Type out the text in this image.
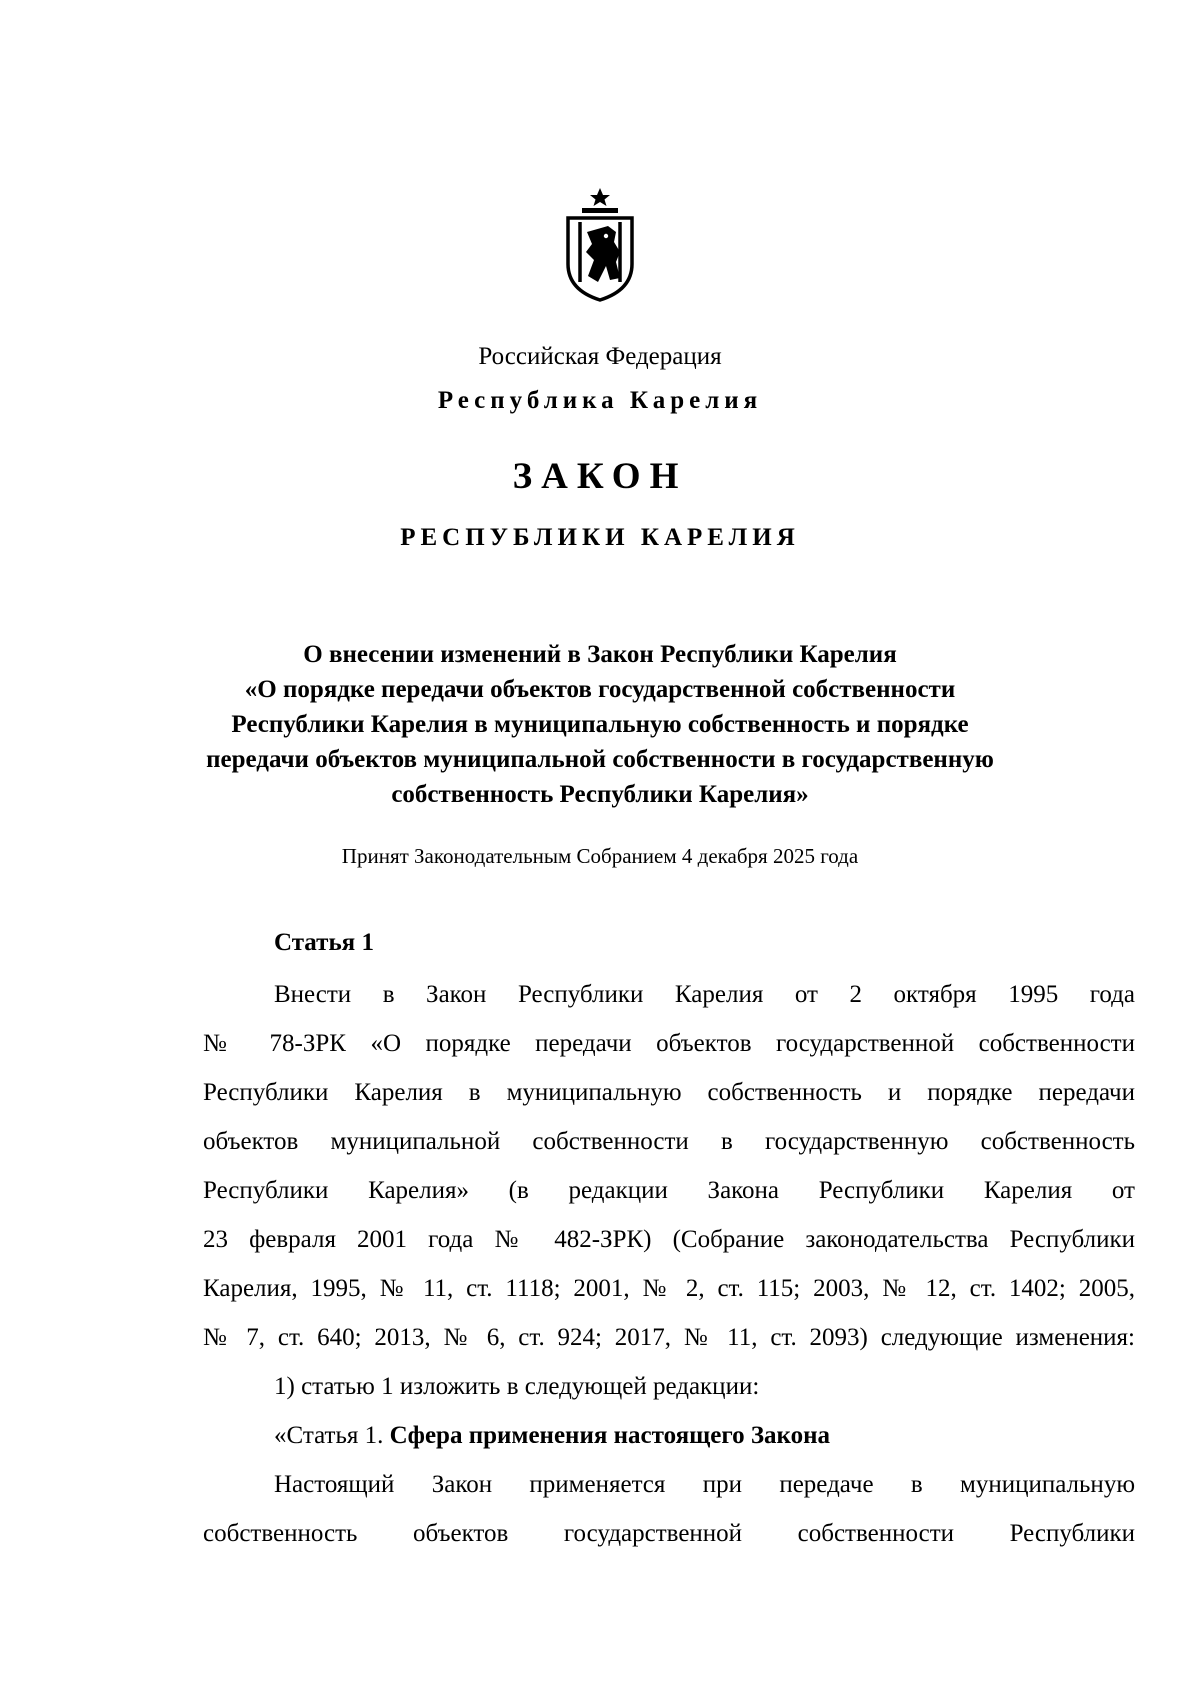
Российская Федерация
Республика Карелия
ЗАКОН
РЕСПУБЛИКИ КАРЕЛИЯ
О внесении изменений в Закон Республики Карелия
«О порядке передачи объектов государственной собственности
Республики Карелия в муниципальную собственность и порядке
передачи объектов муниципальной собственности в государственную
собственность Республики Карелия»
Принят Законодательным Собранием 4 декабря 2025 года
Статья 1
Внести в Закон Республики Карелия от 2 октября 1995 года
№ 78-ЗРК «О порядке передачи объектов государственной собственности
Республики Карелия в муниципальную собственность и порядке передачи
объектов муниципальной собственности в государственную собственность
Республики Карелия» (в редакции Закона Республики Карелия от
23 февраля 2001 года № 482-ЗРК) (Собрание законодательства Республики
Карелия, 1995, № 11, ст. 1118; 2001, № 2, ст. 115; 2003, № 12, ст. 1402; 2005,
№ 7, ст. 640; 2013, № 6, ст. 924; 2017, № 11, ст. 2093) следующие изменения:
1) статью 1 изложить в следующей редакции:
«Статья 1. Сфера применения настоящего Закона
Настоящий Закон применяется при передаче в муниципальную
собственность объектов государственной собственности Республики
